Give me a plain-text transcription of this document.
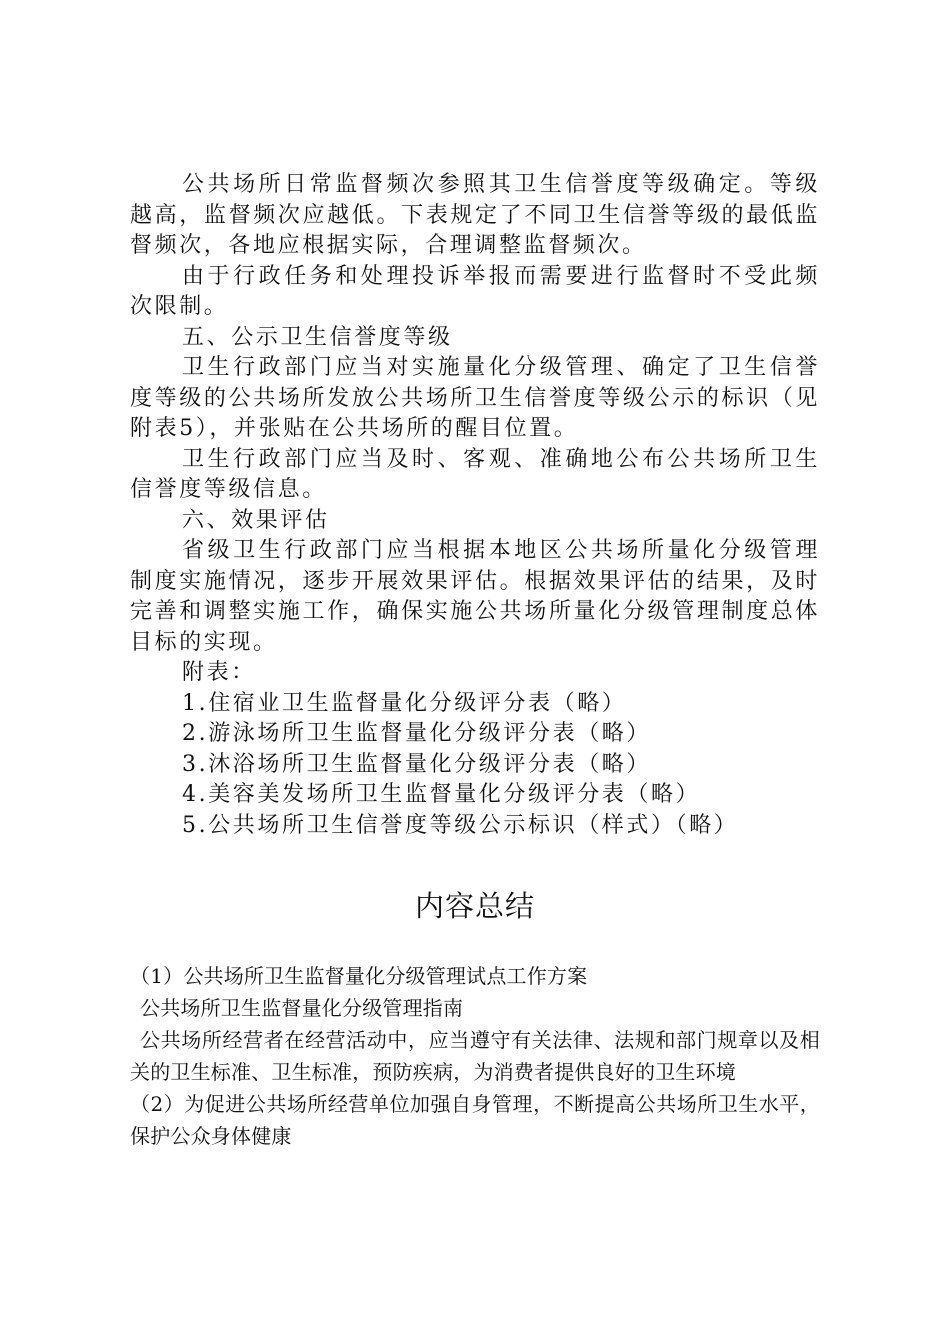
公共场所日常监督频次参照其卫生信誉度等级确定。等级越高，监督频次应越低。下表规定了不同卫生信誉等级的最低监督频次，各地应根据实际，合理调整监督频次。

由于行政任务和处理投诉举报而需要进行监督时不受此频次限制。

五、公示卫生信誉度等级

卫生行政部门应当对实施量化分级管理、确定了卫生信誉度等级的公共场所发放公共场所卫生信誉度等级公示的标识（见附表5），并张贴在公共场所的醒目位置。

卫生行政部门应当及时、客观、准确地公布公共场所卫生信誉度等级信息。

六、效果评估

省级卫生行政部门应当根据本地区公共场所量化分级管理制度实施情况，逐步开展效果评估。根据效果评估的结果，及时完善和调整实施工作，确保实施公共场所量化分级管理制度总体目标的实现。

附表：

1.住宿业卫生监督量化分级评分表（略）

2.游泳场所卫生监督量化分级评分表（略）

3.沐浴场所卫生监督量化分级评分表（略）

4.美容美发场所卫生监督量化分级评分表（略）

5.公共场所卫生信誉度等级公示标识（样式）（略）

内容总结

（1）公共场所卫生监督量化分级管理试点工作方案

公共场所卫生监督量化分级管理指南

公共场所经营者在经营活动中，应当遵守有关法律、法规和部门规章以及相关的卫生标准、卫生标准，预防疾病，为消费者提供良好的卫生环境

（2）为促进公共场所经营单位加强自身管理，不断提高公共场所卫生水平，保护公众身体健康
